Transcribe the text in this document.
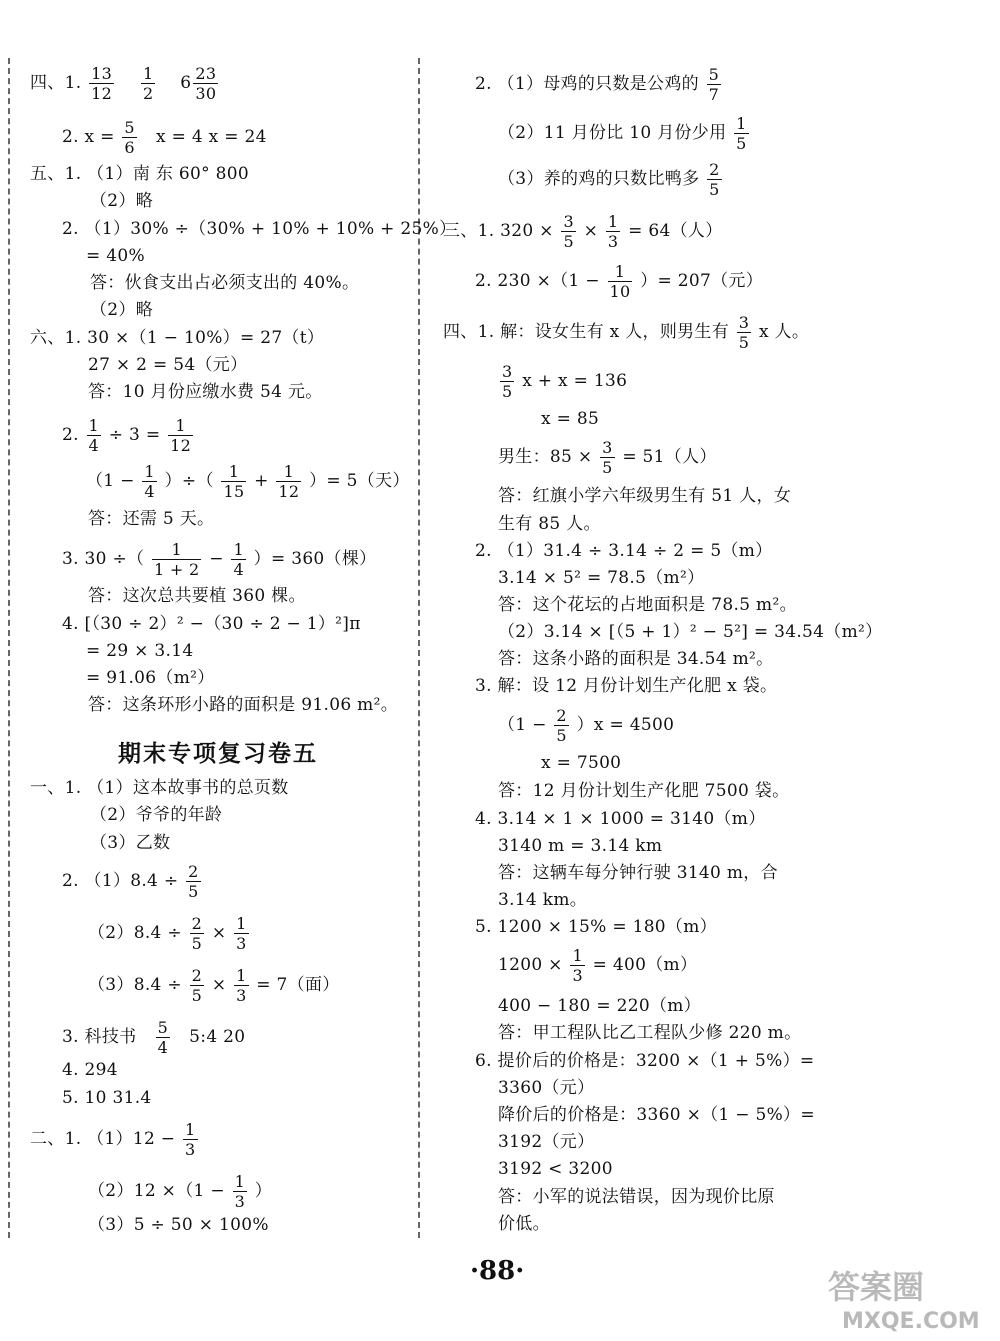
四、1. $\frac{13}{12}$
$\frac{1}{2} 6 \frac{23}{30}$
2. $x = \frac{5}{6}$ x = 4 x = 24
五、1. （1）南 东 60° 800
（2）略
2. （1）30% ÷（30% + 10% + 10% + 25%）
= 40%
答：伙食支出占必须支出的 40%。
（2）略
六、1. 30 ×（1 − 10%）= 27（t）
27 × 2 = 54（元）
答：10 月份应缴水费 54 元。
2. $\frac{1}{4} \div 3 = \frac{1}{12}$
（$1 - \frac{1}{4}$ ）÷（ $\frac{1}{15} + \frac{1}{12}$ ）= 5（天）
答：还需 5 天。
3. 30 ÷（ $\frac{1}{1 + 2} - \frac{1}{4}$ ）= 360（棵）
答：这次总共要植 360 棵。
4. [（30 ÷ 2）² −（30 ÷ 2 − 1）²]π
= 29 × 3.14
= 91.06（m²）
答：这条环形小路的面积是 91.06 m²。
期末专项复习卷五
一、1. （1）这本故事书的总页数
（2）爷爷的年龄
（3）乙数
2. $(1)8.4 \div \frac{2}{5}$
$(2)8.4 \div \frac{2}{5} \times \frac{1}{3}$
$(3)8.4 \div \frac{2}{5} \times \frac{1}{3} = 7$（面）
3. 科技书 $\frac{5}{4}$ 5:4 20
4. 294
5. 10 31.4
二、1. $(1)12 - \frac{1}{3}$
$(2)12 \times(1 - \frac{1}{3}$ ）
（3）5 ÷ 50 × 100%
2. （1）母鸡的只数是公鸡的 $\frac{5}{7}$
（2）11 月份比 10 月份少用 $\frac{1}{5}$
（3）养的鸡的只数比鸭多 $\frac{2}{5}$
三、1. $320 \times \frac{3}{5} \times \frac{1}{3} = 64$（人）
2. $230 \times(1 - \frac{1}{10}$ ）= 207（元）
四、1. 解：设女生有 x 人，则男生有 $\frac{3}{5}$ x 人。
$\frac{3}{5}$ x + x = 136
x = 85
男生：$85 \times \frac{3}{5} = 51$（人）
答：红旗小学六年级男生有 51 人，女
生有 85 人。
2. （1）31.4 ÷ 3.14 ÷ 2 = 5（m）
3.14 × 5² = 78.5（m²）
答：这个花坛的占地面积是 78.5 m²。
（2）3.14 × [（5 + 1）² − 5²] = 34.54（m²）
答：这条小路的面积是 34.54 m²。
3. 解：设 12 月份计划生产化肥 x 袋。
$(1 - \frac{2}{5} )x = 4500$
x = 7500
答：12 月份计划生产化肥 7500 袋。
4. 3.14 × 1 × 1000 = 3140（m）
3140 m = 3.14 km
答：这辆车每分钟行驶 3140 m，合
3.14 km。
5. 1200 × 15% = 180（m）
$1200 \times \frac{1}{3} = 400(m)$
400 − 180 = 220（m）
答：甲工程队比乙工程队少修 220 m。
6. 提价后的价格是：3200 ×（1 + 5%）=
3360（元）
降价后的价格是：3360 ×（1 − 5%）=
3192（元）
3192 < 3200
答：小军的说法错误，因为现价比原
价低。
·88·	答案圈
MXQE.COM
